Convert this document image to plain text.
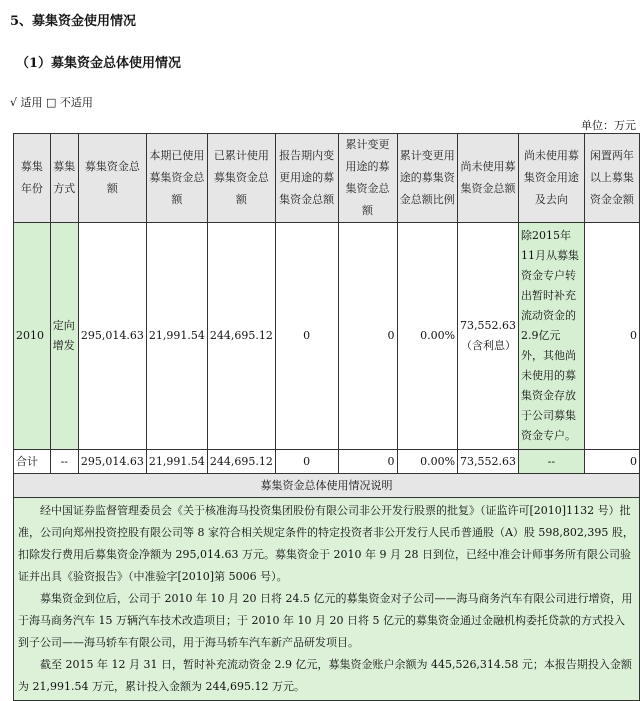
5、募集资金使用情况
（1）募集资金总体使用情况
√ 适用 □ 不适用
单位：万元
募集年份	募集方式	募集资金总额	本期已使用募集资金总额	已累计使用募集资金总额	报告期内变更用途的募集资金总额	累计变更用途的募集资金总额	累计变更用途的募集资金总额比例	尚未使用募集资金总额	尚未使用募集资金用途及去向	闲置两年以上募集资金金额
2010	定向增发	295,014.63	21,991.54	244,695.12	0	0	0.00%	73,552.63（含利息）	除2015年11月从募集资金专户转出暂时补充流动资金的2.9亿元外，其他尚未使用的募集资金存放于公司募集资金专户。	0
合计	--	295,014.63	21,991.54	244,695.12	0	0	0.00%	73,552.63	--	0
募集资金总体使用情况说明										

经中国证券监督管理委员会《关于核准海马投资集团股份有限公司非公开发行股票的批复》（证监许可[2010]1132 号）批准，公司向郑州投资控股有限公司等 8 家符合相关规定条件的特定投资者非公开发行人民币普通股（A）股 598,802,395 股，扣除发行费用后募集资金净额为 295,014.63 万元。募集资金于 2010 年 9 月 28 日到位，已经中准会计师事务所有限公司验证并出具《验资报告》（中准验字[2010]第 5006 号）。

募集资金到位后，公司于 2010 年 10 月 20 日将 24.5 亿元的募集资金对子公司——海马商务汽车有限公司进行增资，用于海马商务汽车 15 万辆汽车技术改造项目；于 2010 年 10 月 20 日将 5 亿元的募集资金通过金融机构委托贷款的方式投入到子公司——海马轿车有限公司，用于海马轿车汽车新产品研发项目。

截至 2015 年 12 月 31 日，暂时补充流动资金 2.9 亿元，募集资金账户余额为 445,526,314.58 元；本报告期投入金额为 21,991.54 万元，累计投入金额为 244,695.12 万元。										
